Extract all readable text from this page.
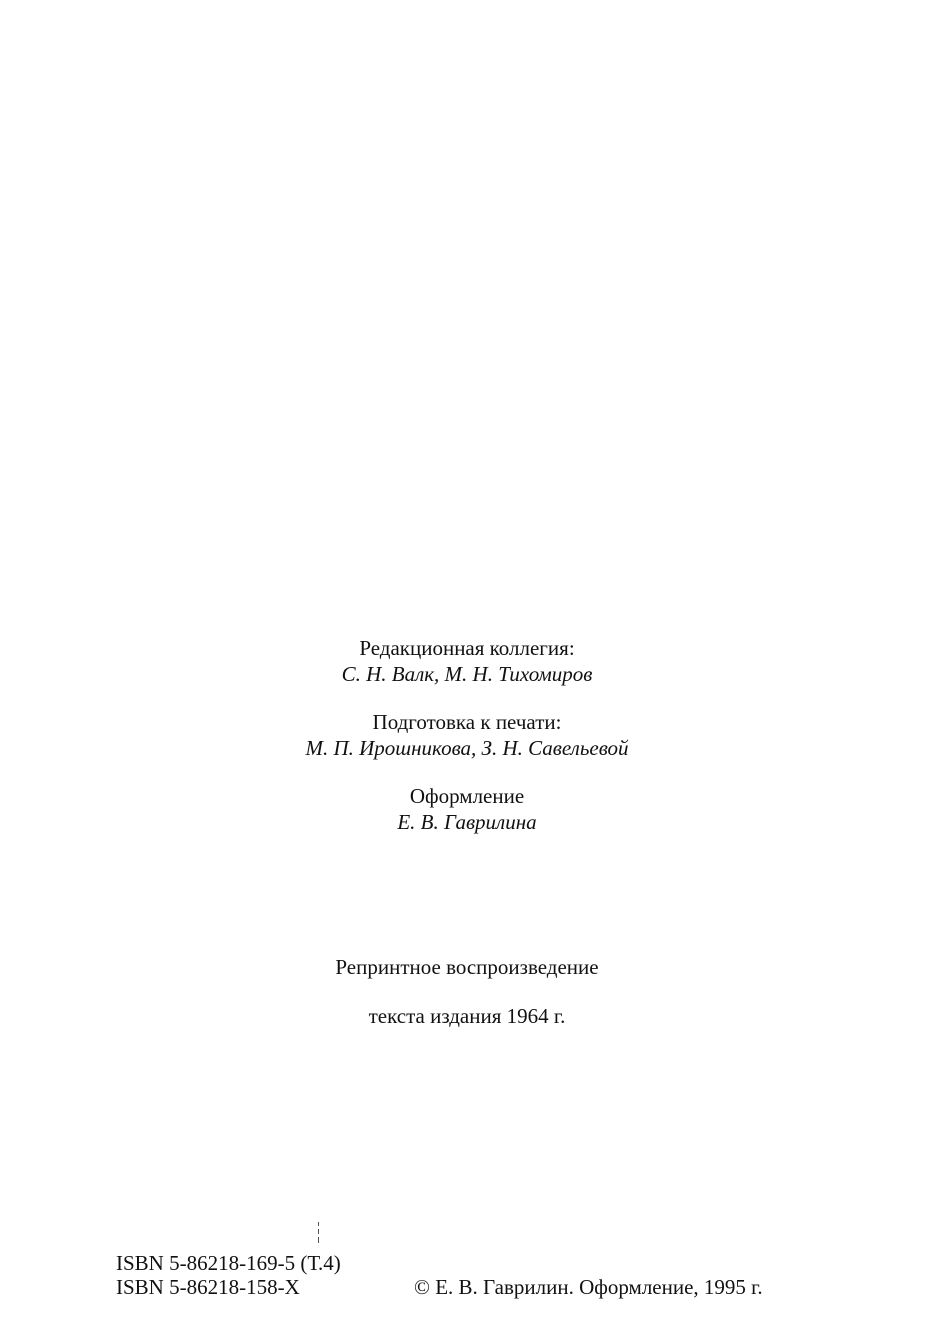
Редакционная коллегия:
С. Н. Валк, М. Н. Тихомиров
Подготовка к печати:
М. П. Ирошникова, З. Н. Савельевой
Оформление
Е. В. Гаврилина
Репринтное воспроизведение
текста издания 1964 г.
ISBN 5-86218-169-5 (Т.4)
ISBN 5-86218-158-X	© Е. В. Гаврилин. Оформление, 1995 г.
